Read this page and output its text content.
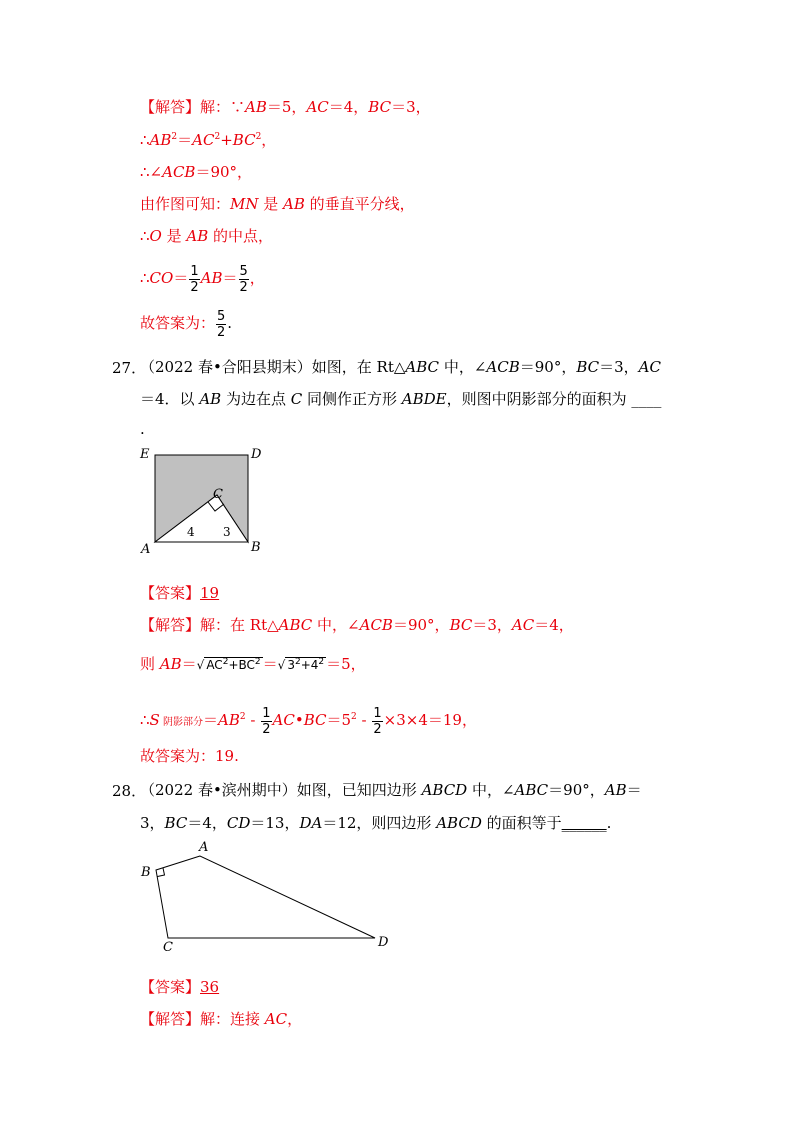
【解答】解：∵AB＝5，AC＝4，BC＝3，
$\therefore AB^2=AC^2+BC^2$，
∴∠ACB＝90°，
由作图可知：MN 是 AB 的垂直平分线，
∴O 是 AB 的中点，
∴CO＝ $\frac{1}{2} AB= \frac{5}{2}$ ，
故答案为： $\frac{5}{2}$ .
27．
（2022 春•合阳县期末）如图，在 Rt△ABC 中，∠ACB＝90°，BC＝3，AC
＝4．以 AB 为边在点 C 同侧作正方形 ABDE，则图中阴影部分的面积为 ____
.
E	D
C
A	B
4 3
【答案】19
【解答】解：在 Rt△ABC 中，∠ACB＝90°，BC＝3，AC＝4，
则 AB＝√ $AC^2+BC^2$ ＝√ $3^2+4^2 =5$，
∴S 阴影部分$=AB^2 - \frac{1}{2}$ $AC•BC=5^2 - \frac{1}{2} \times 3\times 4=19$，
故答案为：19.
28．
（2022 春•滨州期中）如图，已知四边形 ABCD 中，∠ABC＝90°，AB＝
3，BC＝4，CD＝13，DA＝12，则四边形 ABCD 的面积等于______.
A
B
C	D
【答案】36
【解答】解：连接 AC，
